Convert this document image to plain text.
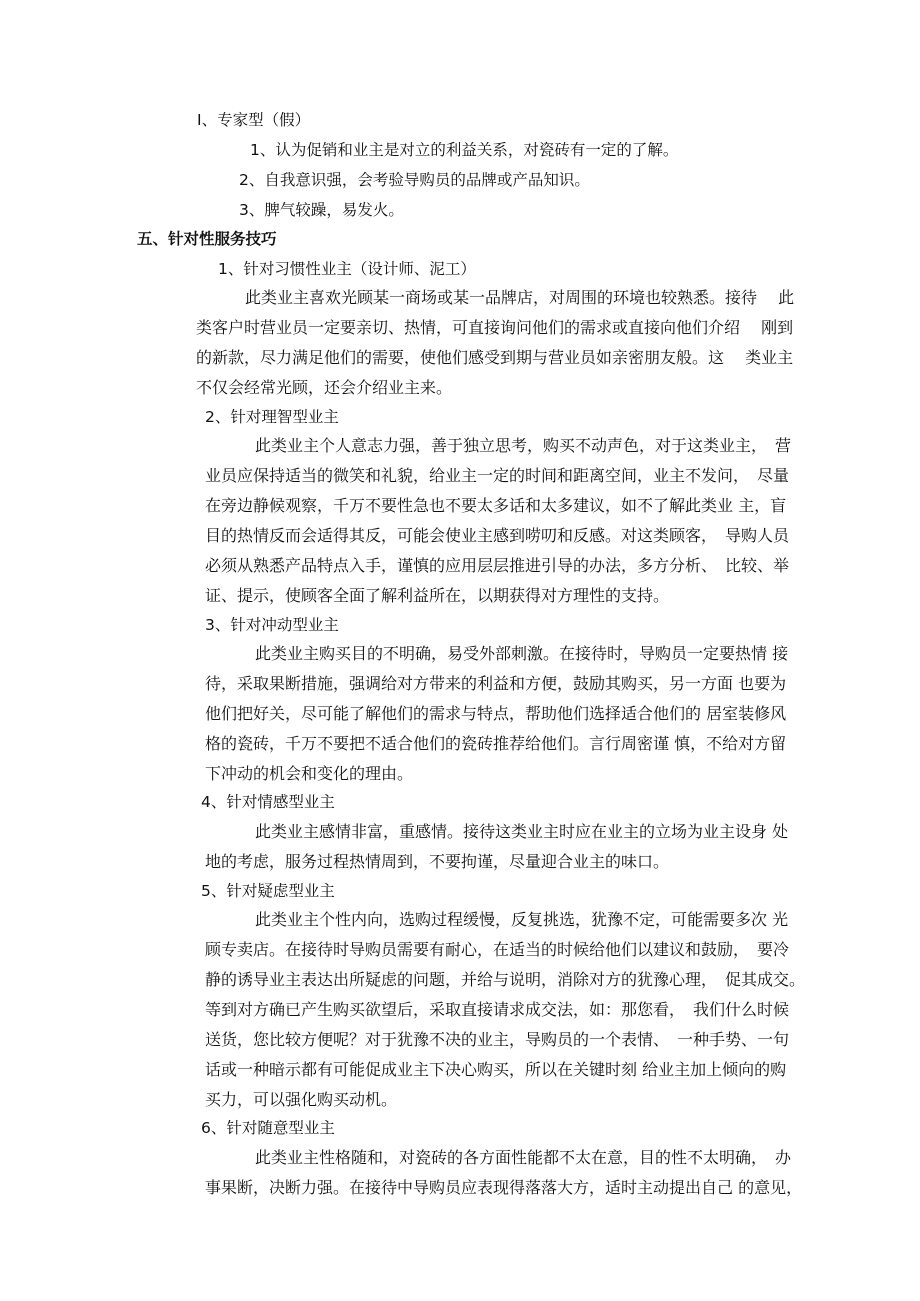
I、专家型（假）
1、认为促销和业主是对立的利益关系，对瓷砖有一定的了解。
2、自我意识强，会考验导购员的品牌或产品知识。
3、脾气较躁，易发火。
五、针对性服务技巧
1、针对习惯性业主（设计师、泥工）
此类业主喜欢光顾某一商场或某一品牌店，对周围的环境也较熟悉。接待　 此
类客户时营业员一定要亲切、热情，可直接询问他们的需求或直接向他们介绍　 刚到
的新款，尽力满足他们的需要，使他们感受到期与营业员如亲密朋友般。这　 类业主
不仅会经常光顾，还会介绍业主来。
2、针对理智型业主
此类业主个人意志力强，善于独立思考，购买不动声色，对于这类业主，　营
业员应保持适当的微笑和礼貌，给业主一定的时间和距离空间，业主不发问，　尽量
在旁边静候观察，千万不要性急也不要太多话和太多建议，如不了解此类业 主，盲
目的热情反而会适得其反，可能会使业主感到唠叨和反感。对这类顾客，　导购人员
必须从熟悉产品特点入手，谨慎的应用层层推进引导的办法，多方分析、　比较、举
证、提示，使顾客全面了解利益所在，以期获得对方理性的支持。
3、针对冲动型业主
此类业主购买目的不明确，易受外部刺激。在接待时，导购员一定要热情 接
待，采取果断措施，强调给对方带来的利益和方便，鼓励其购买，另一方面 也要为
他们把好关，尽可能了解他们的需求与特点，帮助他们选择适合他们的 居室装修风
格的瓷砖，千万不要把不适合他们的瓷砖推荐给他们。言行周密谨 慎，不给对方留
下冲动的机会和变化的理由。
4、针对情感型业主
此类业主感情非富，重感情。接待这类业主时应在业主的立场为业主设身 处
地的考虑，服务过程热情周到，不要拘谨，尽量迎合业主的味口。
5、针对疑虑型业主
此类业主个性内向，选购过程缓慢，反复挑选，犹豫不定，可能需要多次 光
顾专卖店。在接待时导购员需要有耐心，在适当的时候给他们以建议和鼓励，　要冷
静的诱导业主表达出所疑虑的问题，并给与说明，消除对方的犹豫心理，　促其成交。
等到对方确已产生购买欲望后，采取直接请求成交法，如：那您看，　我们什么时候
送货，您比较方便呢？对于犹豫不决的业主，导购员的一个表情、　一种手势、一句
话或一种暗示都有可能促成业主下决心购买，所以在关键时刻 给业主加上倾向的购
买力，可以强化购买动机。
6、针对随意型业主
此类业主性格随和，对瓷砖的各方面性能都不太在意，目的性不太明确，　办
事果断，决断力强。在接待中导购员应表现得落落大方，适时主动提出自己 的意见，
